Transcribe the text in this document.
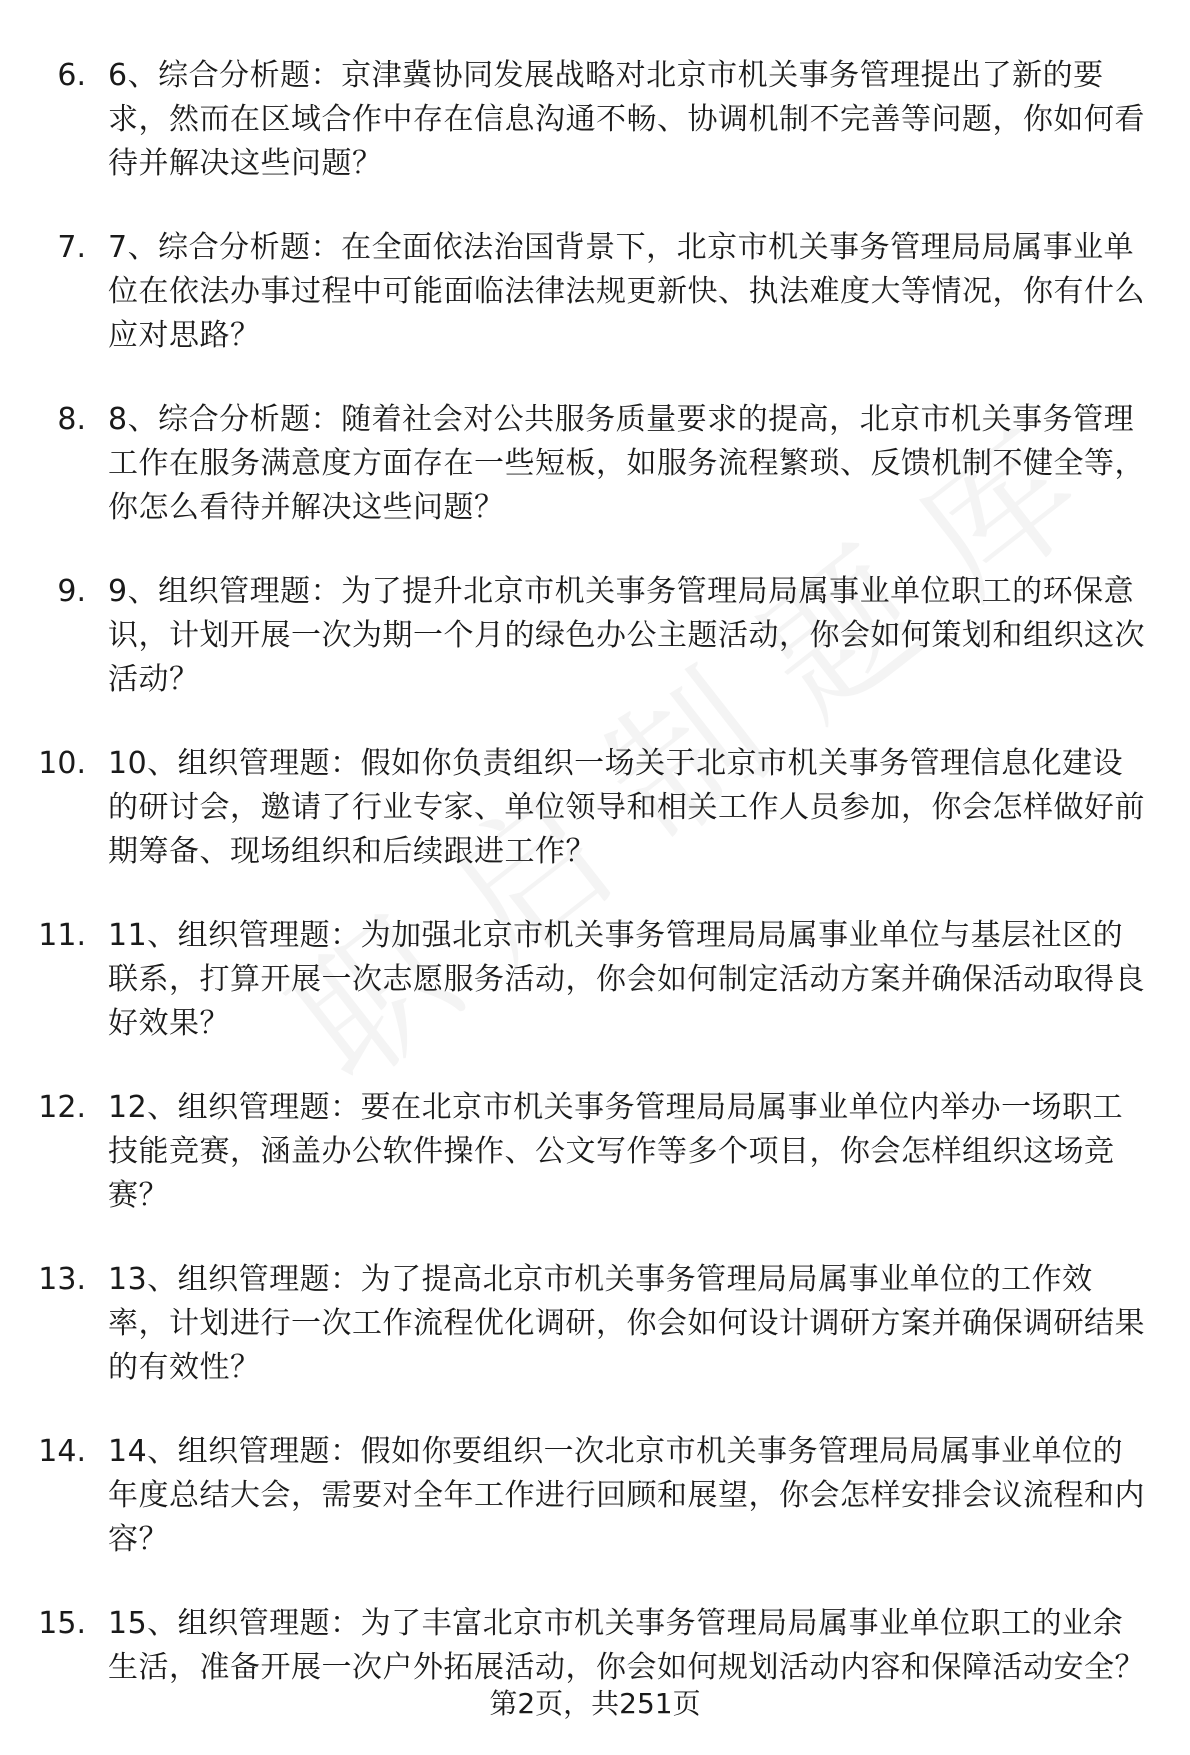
6. 6、综合分析题：京津冀协同发展战略对北京市机关事务管理提出了新的要求，然而在区域合作中存在信息沟通不畅、协调机制不完善等问题，你如何看待并解决这些问题？
7. 7、综合分析题：在全面依法治国背景下，北京市机关事务管理局局属事业单位在依法办事过程中可能面临法律法规更新快、执法难度大等情况，你有什么应对思路？
8. 8、综合分析题：随着社会对公共服务质量要求的提高，北京市机关事务管理工作在服务满意度方面存在一些短板，如服务流程繁琐、反馈机制不健全等，你怎么看待并解决这些问题？
9. 9、组织管理题：为了提升北京市机关事务管理局局属事业单位职工的环保意识，计划开展一次为期一个月的绿色办公主题活动，你会如何策划和组织这次活动？
10. 10、组织管理题：假如你负责组织一场关于北京市机关事务管理信息化建设的研讨会，邀请了行业专家、单位领导和相关工作人员参加，你会怎样做好前期筹备、现场组织和后续跟进工作？
11. 11、组织管理题：为加强北京市机关事务管理局局属事业单位与基层社区的联系，打算开展一次志愿服务活动，你会如何制定活动方案并确保活动取得良好效果？
12. 12、组织管理题：要在北京市机关事务管理局局属事业单位内举办一场职工技能竞赛，涵盖办公软件操作、公文写作等多个项目，你会怎样组织这场竞赛？
13. 13、组织管理题：为了提高北京市机关事务管理局局属事业单位的工作效率，计划进行一次工作流程优化调研，你会如何设计调研方案并确保调研结果的有效性？
14. 14、组织管理题：假如你要组织一次北京市机关事务管理局局属事业单位的年度总结大会，需要对全年工作进行回顾和展望，你会怎样安排会议流程和内容？
15. 15、组织管理题：为了丰富北京市机关事务管理局局属事业单位职工的业余生活，准备开展一次户外拓展活动，你会如何规划活动内容和保障活动安全？
第2页，共251页
